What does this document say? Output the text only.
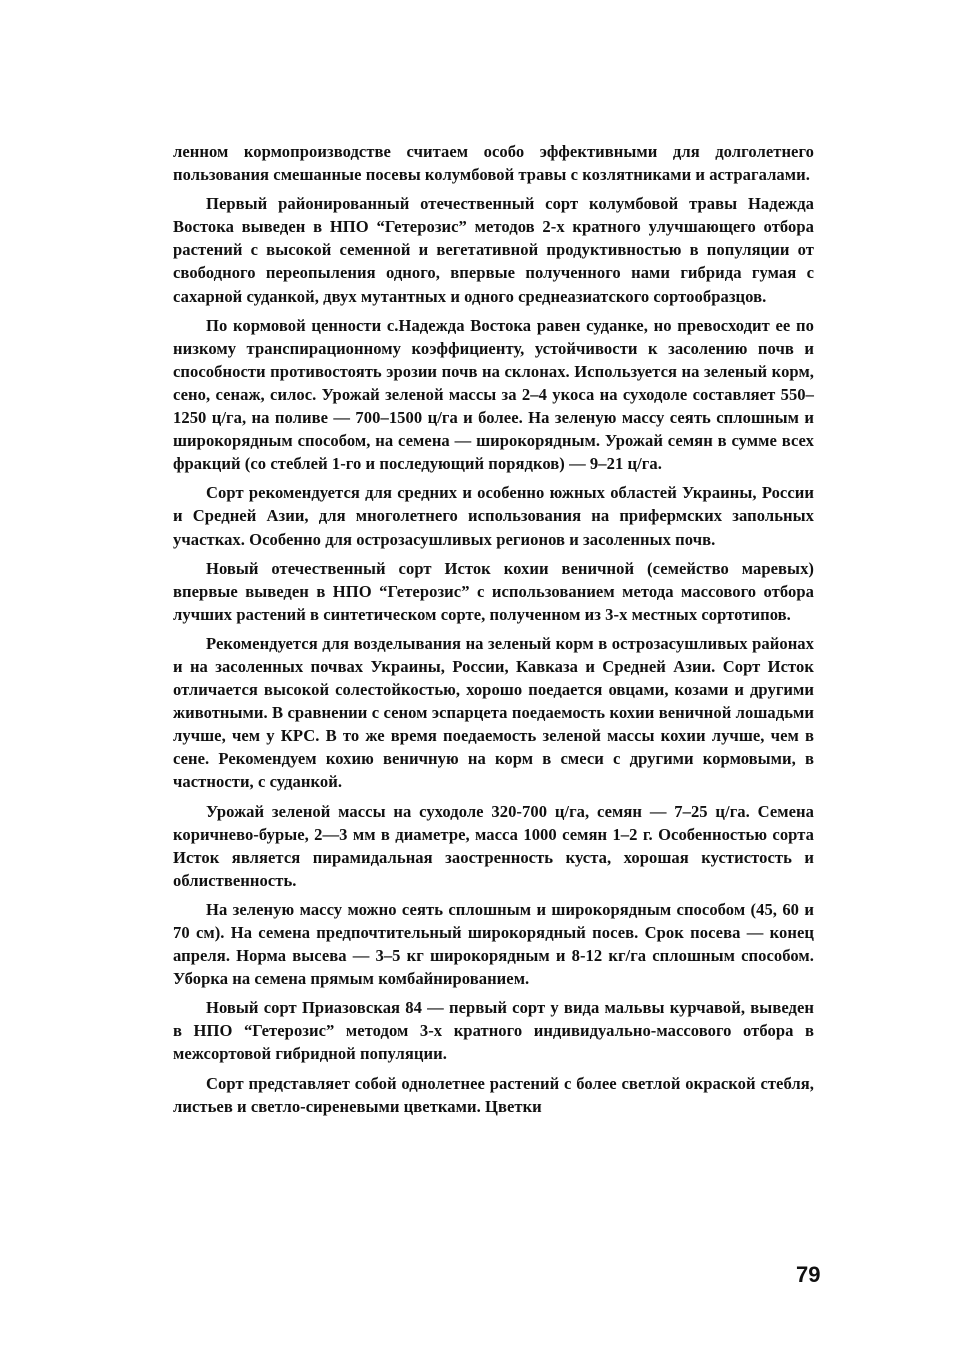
ленном кормопроизводстве считаем особо эффективными для долголетнего пользования смешанные посевы колумбовой травы с козлятниками и астрагалами.

Первый районированный отечественный сорт колумбовой травы Надежда Востока выведен в НПО “Гетерозис” методов 2-х кратного улучшающего отбора растений с высокой семенной и вегетативной продуктивностью в популяции от свободного переопыления одного, впервые полученного нами гибрида гумая с сахарной суданкой, двух мутантных и одного среднеазиатского сортообразцов.

По кормовой ценности с.Надежда Востока равен суданке, но превосходит ее по низкому транспирационному коэффициенту, устойчивости к засолению почв и способности противостоять эрозии почв на склонах. Используется на зеленый корм, сено, сенаж, силос. Урожай зеленой массы за 2–4 укоса на суходоле составляет 550–1250 ц/га, на поливе — 700–1500 ц/га и более. На зеленую массу сеять сплошным и широкорядным способом, на семена — широкорядным. Урожай семян в сумме всех фракций (со стеблей 1-го и последующий порядков) — 9–21 ц/га.

Сорт рекомендуется для средних и особенно южных областей Украины, России и Средней Азии, для многолетнего использования на прифермских запольных участках. Особенно для острозасушливых регионов и засоленных почв.

Новый отечественный сорт Исток кохии веничной (семейство маревых) впервые выведен в НПО “Гетерозис” с использованием метода массового отбора лучших растений в синтетическом сорте, полученном из 3-х местных сортотипов.

Рекомендуется для возделывания на зеленый корм в острозасушливых районах и на засоленных почвах Украины, России, Кавказа и Средней Азии. Сорт Исток отличается высокой солестойкостью, хорошо поедается овцами, козами и другими животными. В сравнении с сеном эспарцета поедаемость кохии веничной лошадьми лучше, чем у КРС. В то же время поедаемость зеленой массы кохии лучше, чем в сене. Рекомендуем кохию веничную на корм в смеси с другими кормовыми, в частности, с суданкой.

Урожай зеленой массы на суходоле 320-700 ц/га, семян — 7–25 ц/га. Семена коричнево-бурые, 2—3 мм в диаметре, масса 1000 семян 1–2 г. Особенностью сорта Исток является пирамидальная заостренность куста, хорошая кустистость и облиственность.

На зеленую массу можно сеять сплошным и широкорядным способом (45, 60 и 70 см). На семена предпочтительный широкорядный посев. Срок посева — конец апреля. Норма высева — 3–5 кг широкорядным и 8-12 кг/га сплошным способом. Уборка на семена прямым комбайнированием.

Новый сорт Приазовская 84 — первый сорт у вида мальвы курчавой, выведен в НПО “Гетерозис” методом 3-х кратного индивидуально-массового отбора в межсортовой гибридной популяции.

Сорт представляет собой однолетнее растений с более светлой окраской стебля, листьев и светло-сиреневыми цветками. Цветки

79
